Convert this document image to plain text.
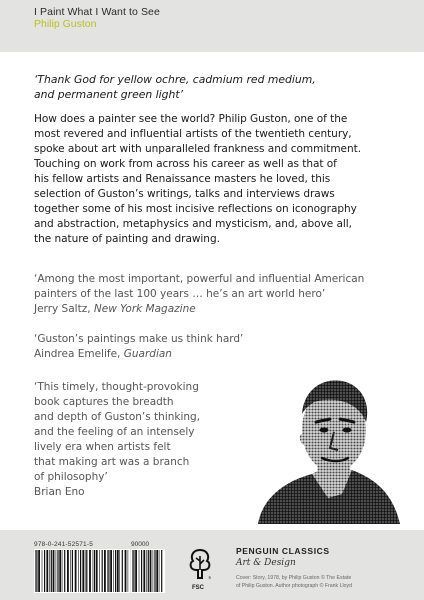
I Paint What I Want to See
Philip Guston
‘Thank God for yellow ochre, cadmium red medium,
and permanent green light’
How does a painter see the world? Philip Guston, one of the
most revered and influential artists of the twentieth century,
spoke about art with unparalleled frankness and commitment.
Touching on work from across his career as well as that of
his fellow artists and Renaissance masters he loved, this
selection of Guston’s writings, talks and interviews draws
together some of his most incisive reflections on iconography
and abstraction, metaphysics and mysticism, and, above all,
the nature of painting and drawing.
‘Among the most important, powerful and influential American
painters of the last 100 years … he’s an art world hero’
Jerry Saltz, New York Magazine
‘Guston’s paintings make us think hard’
Aindrea Emelife, Guardian
‘This timely, thought-provoking
book captures the breadth
and depth of Guston’s thinking,
and the feeling of an intensely
lively era when artists felt
that making art was a branch
of philosophy’
Brian Eno
978-0-241-52571-5	90000
®
FSC
PENGUIN CLASSICS
Art & Design
Cover: Story, 1978, by Philip Guston © The Estate
of Philip Guston. Author photograph © Frank Lloyd
